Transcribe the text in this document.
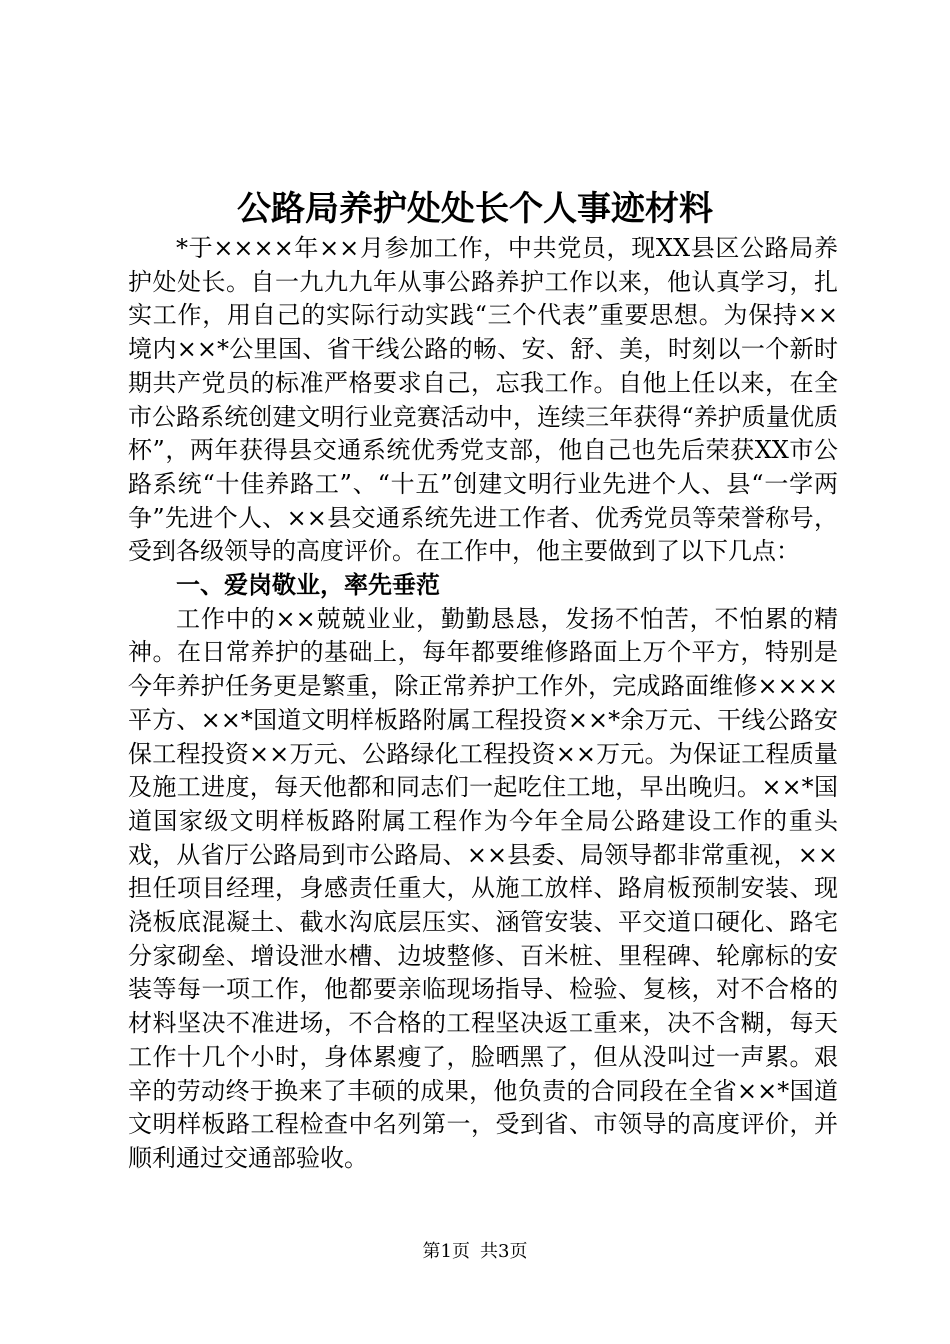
公路局养护处处长个人事迹材料

*于××××年××月参加工作，中共党员，现XX县区公路局养护处处长。自一九九九年从事公路养护工作以来，他认真学习，扎实工作，用自己的实际行动实践“三个代表”重要思想。为保持××境内××*公里国、省干线公路的畅、安、舒、美，时刻以一个新时期共产党员的标准严格要求自己，忘我工作。自他上任以来，在全市公路系统创建文明行业竞赛活动中，连续三年获得“养护质量优质杯”，两年获得县交通系统优秀党支部，他自己也先后荣获XX市公路系统“十佳养路工”、“十五”创建文明行业先进个人、县“一学两争”先进个人、××县交通系统先进工作者、优秀党员等荣誉称号，受到各级领导的高度评价。在工作中，他主要做到了以下几点：

一、爱岗敬业，率先垂范

工作中的××兢兢业业，勤勤恳恳，发扬不怕苦，不怕累的精神。在日常养护的基础上，每年都要维修路面上万个平方，特别是今年养护任务更是繁重，除正常养护工作外，完成路面维修××××平方、××*国道文明样板路附属工程投资××*余万元、干线公路安保工程投资××万元、公路绿化工程投资××万元。为保证工程质量及施工进度，每天他都和同志们一起吃住工地，早出晚归。××*国道国家级文明样板路附属工程作为今年全局公路建设工作的重头戏，从省厅公路局到市公路局、××县委、局领导都非常重视，××担任项目经理，身感责任重大，从施工放样、路肩板预制安装、现浇板底混凝土、截水沟底层压实、涵管安装、平交道口硬化、路宅分家砌垒、增设泄水槽、边坡整修、百米桩、里程碑、轮廓标的安装等每一项工作，他都要亲临现场指导、检验、复核，对不合格的材料坚决不准进场，不合格的工程坚决返工重来，决不含糊，每天工作十几个小时，身体累瘦了，脸晒黑了，但从没叫过一声累。艰辛的劳动终于换来了丰硕的成果，他负责的合同段在全省××*国道文明样板路工程检查中名列第一，受到省、市领导的高度评价，并顺利通过交通部验收。

第1页 共3页
